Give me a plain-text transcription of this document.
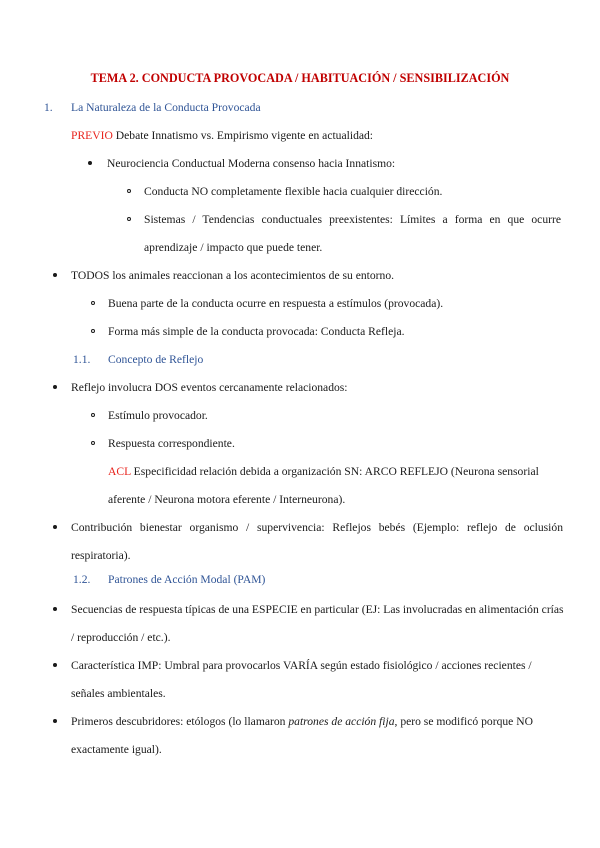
TEMA 2. CONDUCTA PROVOCADA / HABITUACIÓN / SENSIBILIZACIÓN
1. La Naturaleza de la Conducta Provocada
PREVIO Debate Innatismo vs. Empirismo vigente en actualidad:
Neurociencia Conductual Moderna consenso hacia Innatismo:
Conducta NO completamente flexible hacia cualquier dirección.
Sistemas / Tendencias conductuales preexistentes: Límites a forma en que ocurre aprendizaje / impacto que puede tener.
TODOS los animales reaccionan a los acontecimientos de su entorno.
Buena parte de la conducta ocurre en respuesta a estímulos (provocada).
Forma más simple de la conducta provocada: Conducta Refleja.
1.1. Concepto de Reflejo
Reflejo involucra DOS eventos cercanamente relacionados:
Estímulo provocador.
Respuesta correspondiente.
ACL Especificidad relación debida a organización SN: ARCO REFLEJO (Neurona sensorial aferente / Neurona motora eferente / Interneurona).
Contribución bienestar organismo / supervivencia: Reflejos bebés (Ejemplo: reflejo de oclusión respiratoria).
1.2. Patrones de Acción Modal (PAM)
Secuencias de respuesta típicas de una ESPECIE en particular (EJ: Las involucradas en alimentación crías / reproducción / etc.).
Característica IMP: Umbral para provocarlos VARÍA según estado fisiológico / acciones recientes / señales ambientales.
Primeros descubridores: etólogos (lo llamaron patrones de acción fija, pero se modificó porque NO exactamente igual).
